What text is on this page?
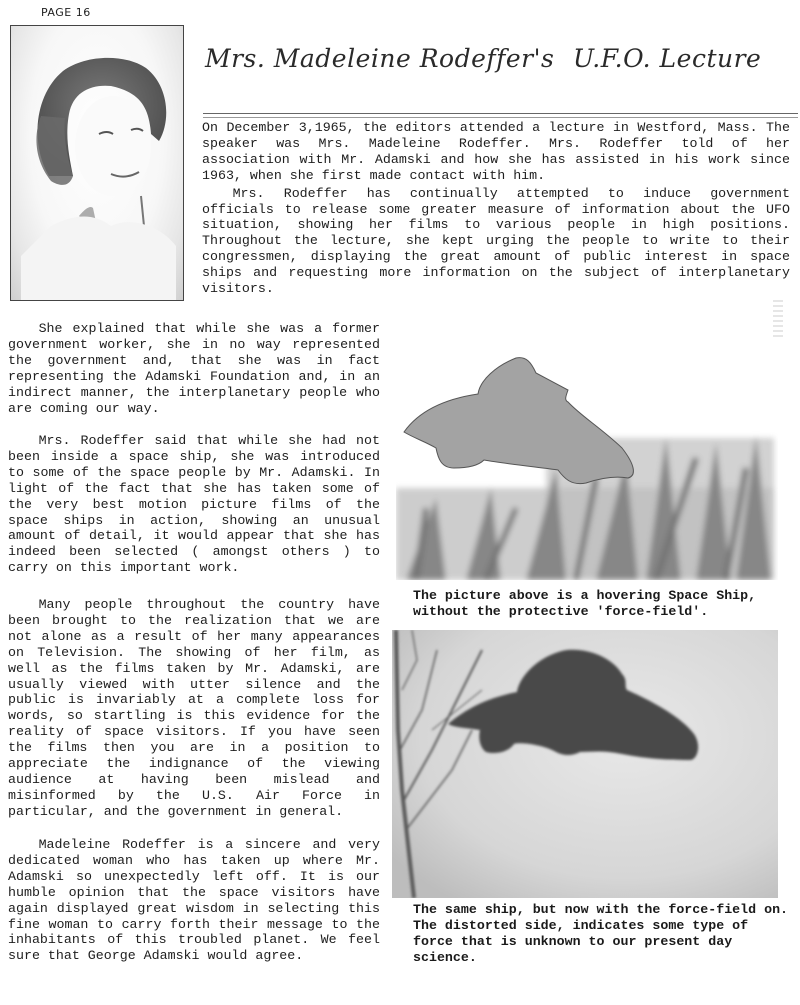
PAGE 16
Mrs. Madeleine Rodeffer's U.F.O. Lecture

On December 3,1965, the editors attended a lecture in Westford, Mass. The speaker was Mrs. Madeleine Rodeffer. Mrs. Rodeffer told of her association with Mr. Adamski and how she has assisted in his work since 1963, when she first made contact with him.

Mrs. Rodeffer has continually attempted to induce government officials to release some greater measure of information about the UFO situation, showing her films to various people in high positions. Throughout the lecture, she kept urging the people to write to their congressmen, displaying the great amount of public interest in space ships and requesting more information on the subject of interplanetary visitors.

She explained that while she was a former government worker, she in no way represented the government and, that she was in fact representing the Adamski Foundation and, in an indirect manner, the interplanetary people who are coming our way.

Mrs. Rodeffer said that while she had not been inside a space ship, she was introduced to some of the space people by Mr. Adamski. In light of the fact that she has taken some of the very best motion picture films of the space ships in action, showing an unusual amount of detail, it would appear that she has indeed been selected ( amongst others ) to carry on this important work.

Many people throughout the country have been brought to the realization that we are not alone as a result of her many appearances on Television. The showing of her film, as well as the films taken by Mr. Adamski, are usually viewed with utter silence and the public is invariably at a complete loss for words, so startling is this evidence for the reality of space visitors. If you have seen the films then you are in a position to appreciate the indignance of the viewing audience at having been mislead and misinformed by the U.S. Air Force in particular, and the government in general.

Madeleine Rodeffer is a sincere and very dedicated woman who has taken up where Mr. Adamski so unexpectedly left off. It is our humble opinion that the space visitors have again displayed great wisdom in selecting this fine woman to carry forth their message to the inhabitants of this troubled planet. We feel sure that George Adamski would agree.

The picture above is a hovering Space Ship, without the protective 'force-field'.
The same ship, but now with the force-field on. The distorted side, indicates some type of force that is unknown to our present day science.
